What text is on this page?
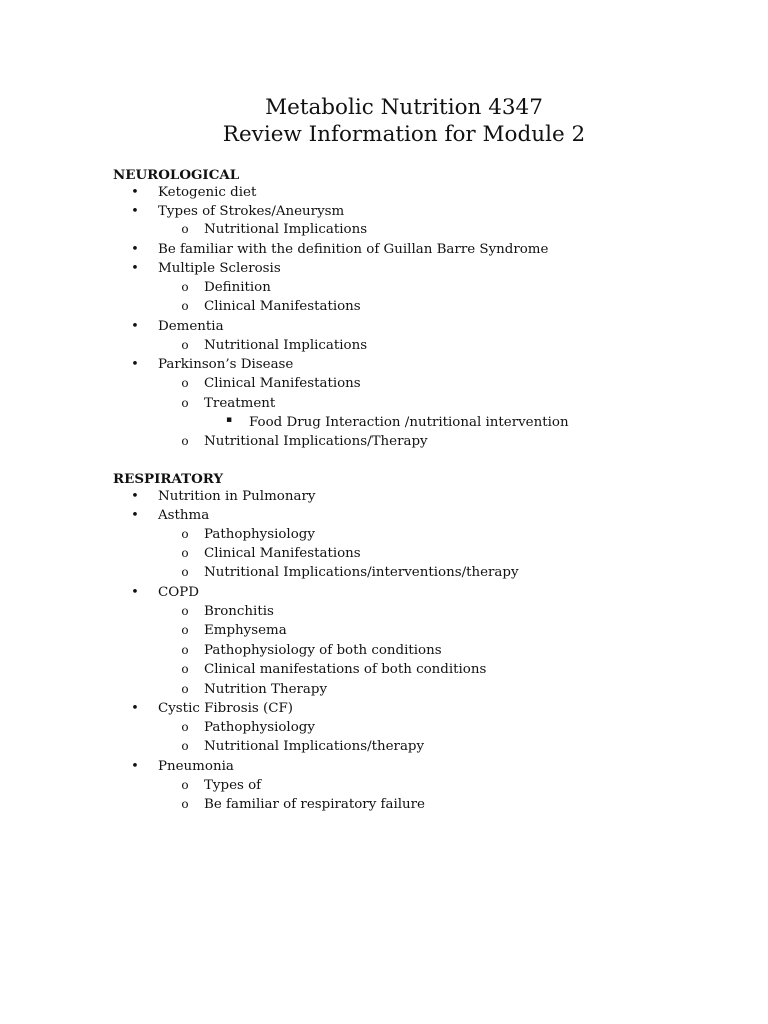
Metabolic Nutrition 4347
Review Information for Module 2
NEUROLOGICAL
• Ketogenic diet
• Types of Strokes/Aneurysm
o Nutritional Implications
• Be familiar with the definition of Guillan Barre Syndrome
• Multiple Sclerosis
o Definition
o Clinical Manifestations
• Dementia
o Nutritional Implications
• Parkinson’s Disease
o Clinical Manifestations
o Treatment
▪ Food Drug Interaction /nutritional intervention
o Nutritional Implications/Therapy
RESPIRATORY
• Nutrition in Pulmonary
• Asthma
o Pathophysiology
o Clinical Manifestations
o Nutritional Implications/interventions/therapy
• COPD
o Bronchitis
o Emphysema
o Pathophysiology of both conditions
o Clinical manifestations of both conditions
o Nutrition Therapy
• Cystic Fibrosis (CF)
o Pathophysiology
o Nutritional Implications/therapy
• Pneumonia
o Types of
o Be familiar of respiratory failure
